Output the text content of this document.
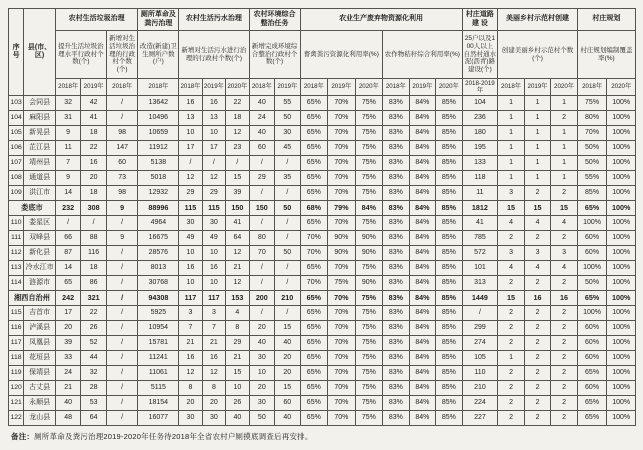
序号	县(市、区)	农村生活垃圾治理			厕所革命及粪污治理	农村生活污水治理			农村环境综合整治任务		农业生产废弃物资源化利用						村庄道路建 设	美丽乡村示范村创建			村庄规划	
		提升生活垃圾治理水平行政村个数(个)		新增对生活垃圾治理的行政村个数(个)	改造(新建)卫生厕所户数(户)	新增对生活污水进行治理的行政村个数(个)			新增完成环境综合整治行政村个数(个)		畜禽粪污资源化利用率(%)			农作物秸秆综合利用率(%)			25户以及100人以上自然村通水泥(沥青)路建设(个)	创建美丽乡村示范村个数(个)			村庄规划编制覆盖率(%)	
		2018年	2019年	2018年	2018年	2018年	2019年	2020年	2018年	2019年	2018年	2019年	2020年	2018年	2019年	2020年	2018-2019年	2018年	2019年	2020年	2018年	2020年
103	会同县	32	42	/	13642	16	16	22	40	55	65%	70%	75%	83%	84%	85%	104	1	1	1	75%	100%
104	麻阳县	31	41	/	10496	13	13	18	24	50	65%	70%	75%	83%	84%	85%	236	1	1	2	80%	100%
105	新晃县	9	18	98	10659	10	10	12	40	30	65%	70%	75%	83%	84%	85%	180	1	1	1	70%	100%
106	芷江县	11	22	147	11912	17	17	23	60	45	65%	70%	75%	83%	84%	85%	195	1	1	1	50%	100%
107	靖州县	7	16	60	5138	/	/	/	/	/	65%	70%	75%	83%	84%	85%	133	1	1	1	50%	100%
108	通道县	9	20	73	5018	12	12	15	29	35	65%	70%	75%	83%	84%	85%	118	1	1	1	55%	100%
109	洪江市	14	18	98	12932	29	29	39	/	/	65%	70%	75%	83%	84%	85%	11	3	2	2	85%	100%
娄底市		232	308	9	88996	115	115	150	150	50	68%	79%	84%	83%	84%	85%	1812	15	15	15	65%	100%
110	娄星区	/	/	/	4964	30	30	41	/	/	65%	70%	75%	83%	84%	85%	41	4	4	4	100%	100%
111	双峰县	66	88	9	16675	49	49	64	80	/	70%	90%	90%	83%	84%	85%	785	2	2	2	60%	100%
112	新化县	87	116	/	28576	10	10	12	70	50	70%	90%	90%	83%	84%	85%	572	3	3	3	60%	100%
113	冷水江市	14	18	/	8013	16	16	21	/	/	65%	70%	75%	83%	84%	85%	101	4	4	4	100%	100%
114	涟源市	65	86	/	30768	10	10	12	/	/	70%	75%	90%	83%	84%	85%	313	2	2	2	50%	100%
湘西自治州		242	321	/	94308	117	117	153	200	210	65%	70%	75%	83%	84%	85%	1449	15	16	16	65%	100%
115	吉首市	17	22	/	5925	3	3	4	/	/	65%	70%	75%	83%	84%	85%	/	2	2	2	100%	100%
116	泸溪县	20	26	/	10954	7	7	8	20	15	65%	70%	75%	83%	84%	85%	299	2	2	2	60%	100%
117	凤凰县	39	52	/	15781	21	21	29	40	40	65%	70%	75%	83%	84%	85%	274	2	2	2	60%	100%
118	花垣县	33	44	/	11241	16	16	21	30	20	65%	70%	75%	83%	84%	85%	105	1	2	2	60%	100%
119	保靖县	24	32	/	11061	12	12	15	10	20	65%	70%	75%	83%	84%	85%	110	2	2	2	65%	100%
120	古丈县	21	28	/	5115	8	8	10	20	15	65%	70%	75%	83%	84%	85%	210	2	2	2	60%	100%
121	永顺县	40	53	/	18154	20	20	26	30	60	65%	70%	75%	83%	84%	85%	224	2	2	2	65%	100%
122	龙山县	48	64	/	16077	30	30	40	50	40	65%	70%	75%	83%	84%	85%	227	2	2	2	65%	100%
备注：厕所革命及粪污治理2019-2020年任务待2018年全省农村户厕摸底调查后再安排。
